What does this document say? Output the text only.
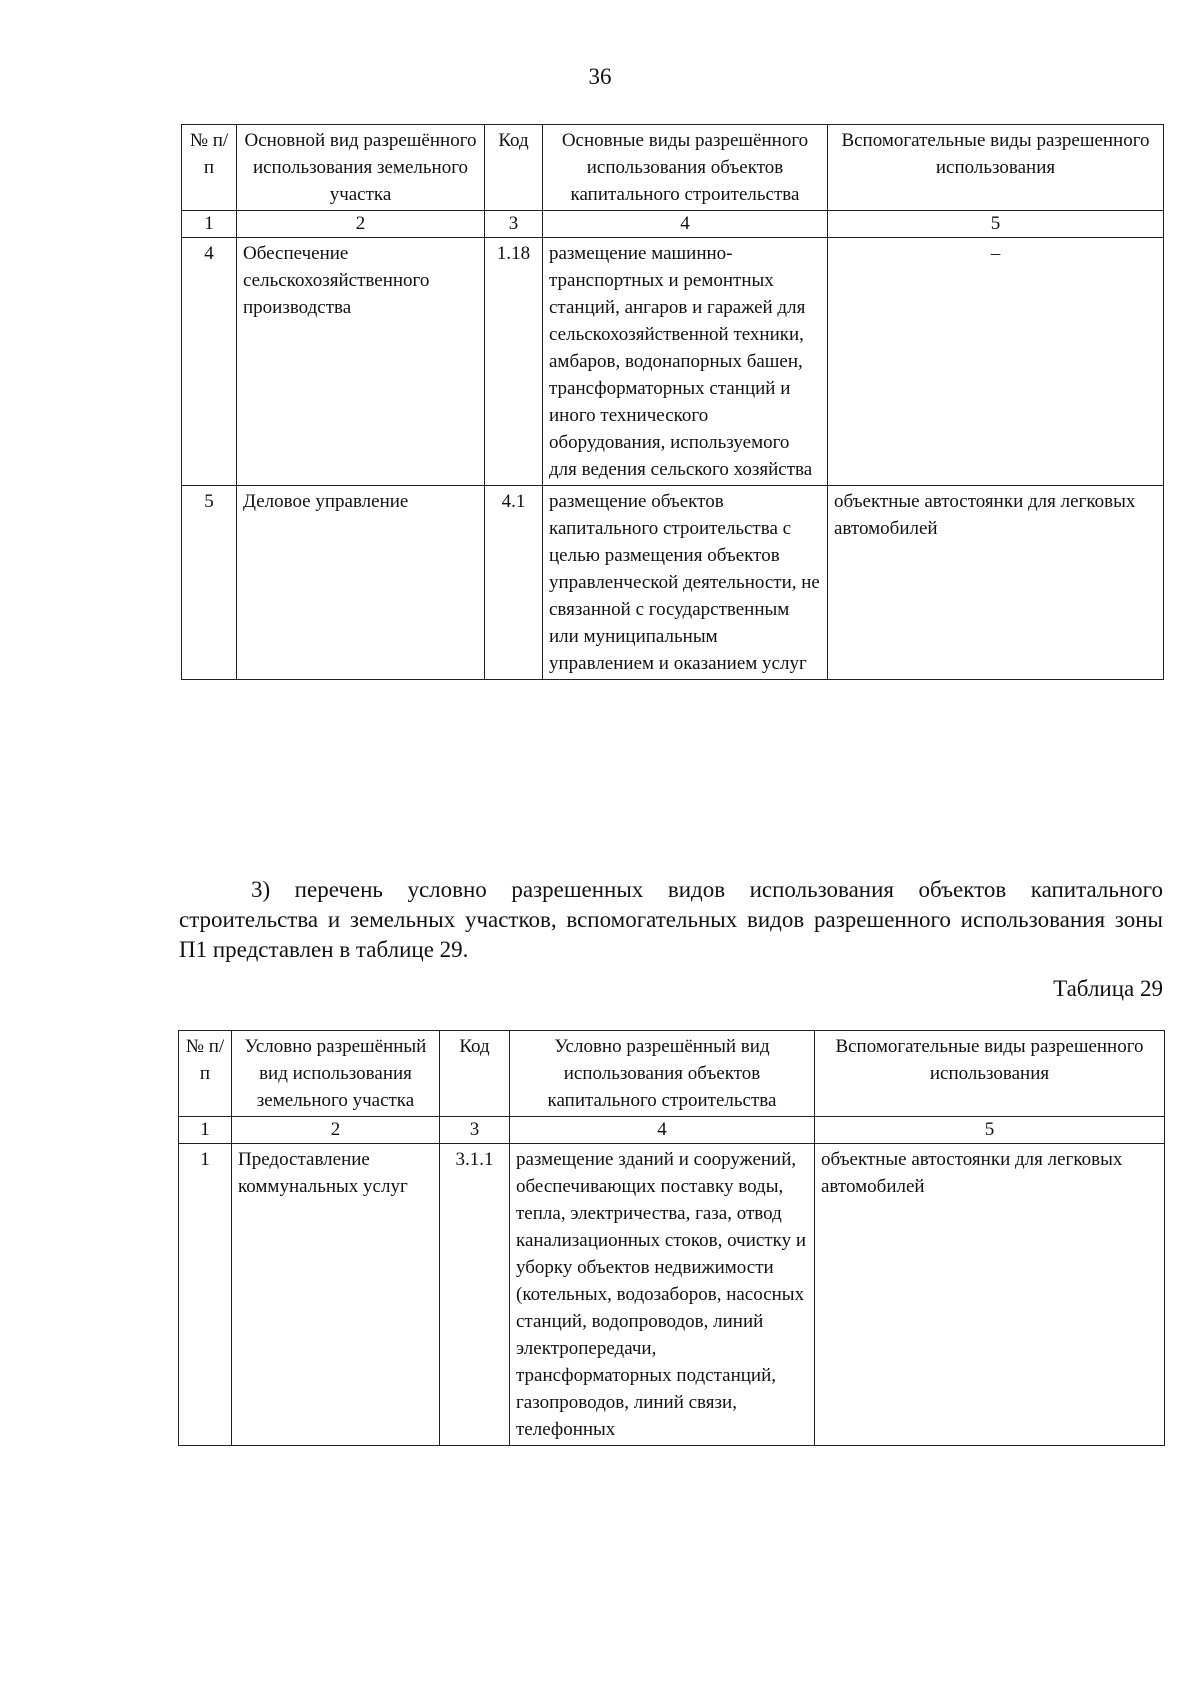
36
№ п/п	Основной вид разрешённого использования земельного участка	Код	Основные виды разрешённого использования объектов капитального строительства	Вспомогательные виды разрешенного использования
1	2	3	4	5
4	Обеспечение сельскохозяйственного производства	1.18	размещение машинно-транспортных и ремонтных станций, ангаров и гаражей для сельскохозяйственной техники, амбаров, водонапорных башен, трансформаторных станций и иного технического оборудования, используемого для ведения сельского хозяйства	–
5	Деловое управление	4.1	размещение объектов капитального строительства с целью размещения объектов управленческой деятельности, не связанной с государственным или муниципальным управлением и оказанием услуг	объектные автостоянки для легковых автомобилей

3) перечень условно разрешенных видов использования объектов капитального строительства и земельных участков, вспомогательных видов разрешенного использования зоны П1 представлен в таблице 29.

Таблица 29
№ п/п	Условно разрешённый вид использования земельного участка	Код	Условно разрешённый вид использования объектов капитального строительства	Вспомогательные виды разрешенного использования
1	2	3	4	5
1	Предоставление коммунальных услуг	3.1.1	размещение зданий и сооружений, обеспечивающих поставку воды, тепла, электричества, газа, отвод канализационных стоков, очистку и уборку объектов недвижимости (котельных, водозаборов, насосных станций, водопроводов, линий электропередачи, трансформаторных подстанций, газопроводов, линий связи, телефонных	объектные автостоянки для легковых автомобилей
